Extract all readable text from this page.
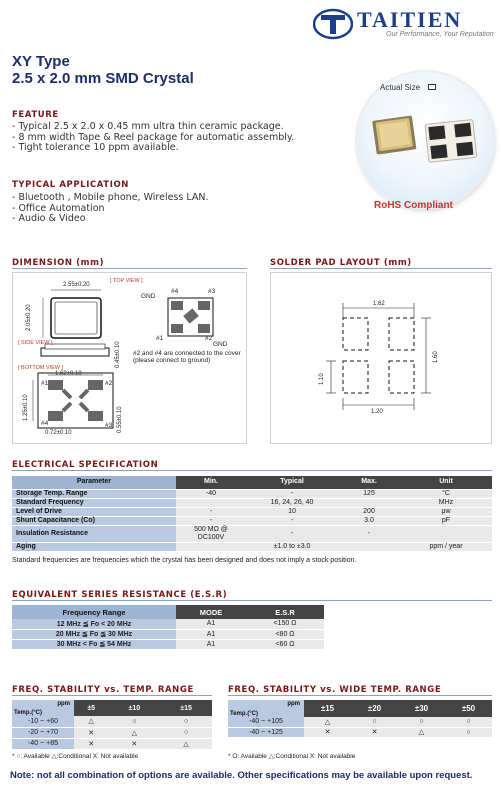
TAITIEN
Our Performance, Your Reputation
XY Type
2.5 x 2.0 mm SMD Crystal
FEATURE
- Typical 2.5 x 2.0 x 0.45 mm ultra thin ceramic package.
- 8 mm width Tape & Reel package for automatic assembly.
- Tight tolerance 10 ppm available.
TYPICAL APPLICATION
- Bluetooth , Mobile phone, Wireless LAN.
- Office Automation
- Audio & Video
Actual Size
RoHS Compliant
DIMENSION (mm)	SOLDER PAD LAYOUT (mm)
[ TOP VIEW ]
2.55±0.20
2.05±0.20
[ SIDE VIEW ]	0.45±0.10
[ BOTTOM VIEW ]
1.62±0.10
1.25±0.10
0.72±0.10	0.55±0.10
#1	#2
#4	#3
GND
#4	#3
#1	#2
GND
#2 and #4 are connected to the cover
(please connect to ground)
1.62
1.60
1.10
1.20
ELECTRICAL SPECIFICATION
Parameter	Min.	Typical	Max.	Unit
Storage Temp. Range	-40	-	125	°C
Standard Frequency		16, 24, 26, 40		MHz
Level of Drive	-	10	200	μw
Shunt Capacitance (Co)	-	-	3.0	pF
Insulation Resistance	500 MΩ @ DC100V	-	-	
Aging		±1.0 to ±3.0		ppm / year
Standard frequencies are frequencies which the crystal has been designed and does not imply a stock position.
EQUIVALENT SERIES RESISTANCE (E.S.R)
Frequency Range	MODE	E.S.R
12 MHz ≦ Fo < 20 MHz	A1	<150 Ω
20 MHz ≦ Fo ≦ 30 MHz	A1	<80 Ω
30 MHz < Fo ≦ 54 MHz	A1	<60 Ω
FREQ. STABILITY vs. TEMP. RANGE
ppm
Temp.(°C)	±5	±10	±15
-10 ~ +60	△	○	○
-20 ~ +70	✕	△	○
-40 ~ +85	✕	✕	△
* ○: Available △:Conditional X: Not available
FREQ. STABILITY vs. WIDE TEMP. RANGE
ppm
Temp.(°C)	±15	±20	±30	±50
-40 ~ +105	△	○	○	○
-40 ~ +125	✕	✕	△	○
* O: Available △:Conditional X: Not available
Note: not all combination of options are available. Other specifications may be available upon request.
